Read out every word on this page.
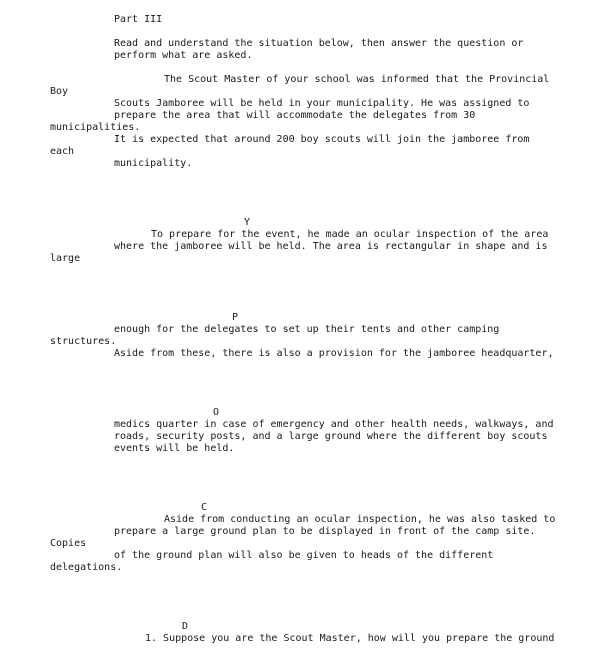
Part III
Read and understand the situation below, then answer the question or
perform what are asked.
The Scout Master of your school was informed that the Provincial
Boy
Scouts Jamboree will be held in your municipality. He was assigned to
prepare the area that will accommodate the delegates from 30
municipalities.
It is expected that around 200 boy scouts will join the jamboree from
each
municipality.
Y
To prepare for the event, he made an ocular inspection of the area
where the jamboree will be held. The area is rectangular in shape and is
large
P
enough for the delegates to set up their tents and other camping
structures.
Aside from these, there is also a provision for the jamboree headquarter,
O
medics quarter in case of emergency and other health needs, walkways, and
roads, security posts, and a large ground where the different boy scouts
events will be held.
C
Aside from conducting an ocular inspection, he was also tasked to
prepare a large ground plan to be displayed in front of the camp site.
Copies
of the ground plan will also be given to heads of the different
delegations.
D
1. Suppose you are the Scout Master, how will you prepare the ground
